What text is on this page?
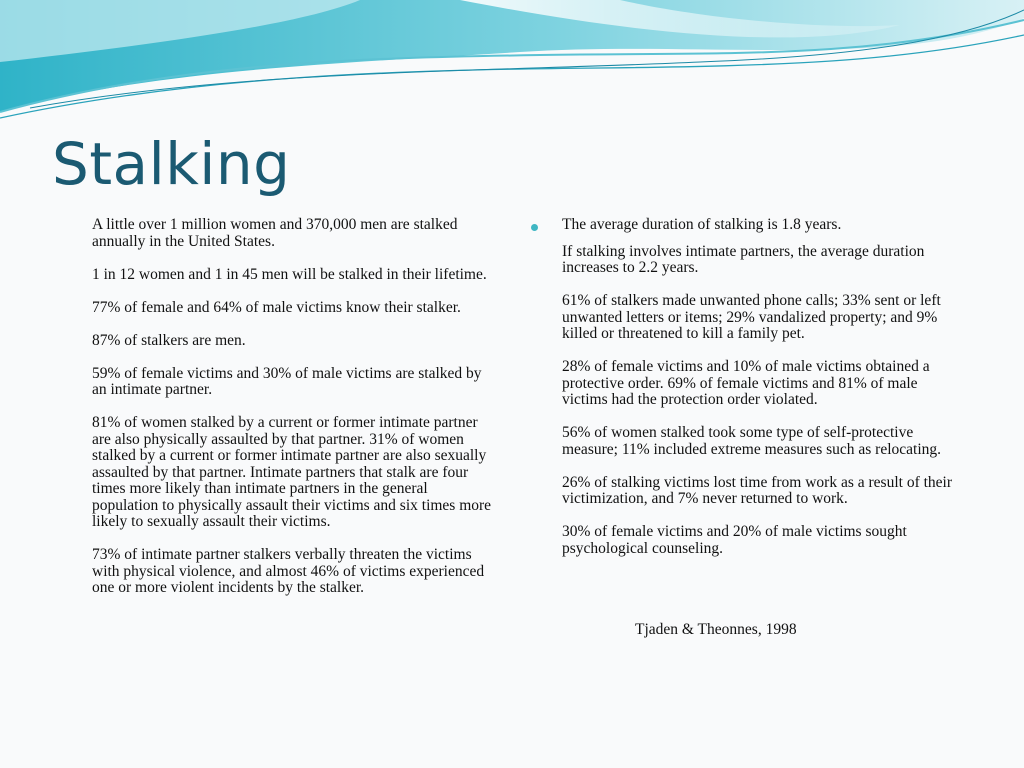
Stalking

A little over 1 million women and 370,000 men are stalked annually in the United States.

1 in 12 women and 1 in 45 men will be stalked in their lifetime.

77% of female and 64% of male victims know their stalker.

87% of stalkers are men.

59% of female victims and 30% of male victims are stalked by an intimate partner.

81% of women stalked by a current or former intimate partner are also physically assaulted by that partner. 31% of women stalked by a current or former intimate partner are also sexually assaulted by that partner. Intimate partners that stalk are four times more likely than intimate partners in the general population to physically assault their victims and six times more likely to sexually assault their victims.

73% of intimate partner stalkers verbally threaten the victims with physical violence, and almost 46% of victims experienced one or more violent incidents by the stalker.

The average duration of stalking is 1.8 years.

If stalking involves intimate partners, the average duration increases to 2.2 years.

61% of stalkers made unwanted phone calls; 33% sent or left unwanted letters or items; 29% vandalized property; and 9% killed or threatened to kill a family pet.

28% of female victims and 10% of male victims obtained a protective order. 69% of female victims and 81% of male victims had the protection order violated.

56% of women stalked took some type of self-protective measure; 11% included extreme measures such as relocating.

26% of stalking victims lost time from work as a result of their victimization, and 7% never returned to work.

30% of female victims and 20% of male victims sought psychological counseling.

Tjaden & Theonnes, 1998
